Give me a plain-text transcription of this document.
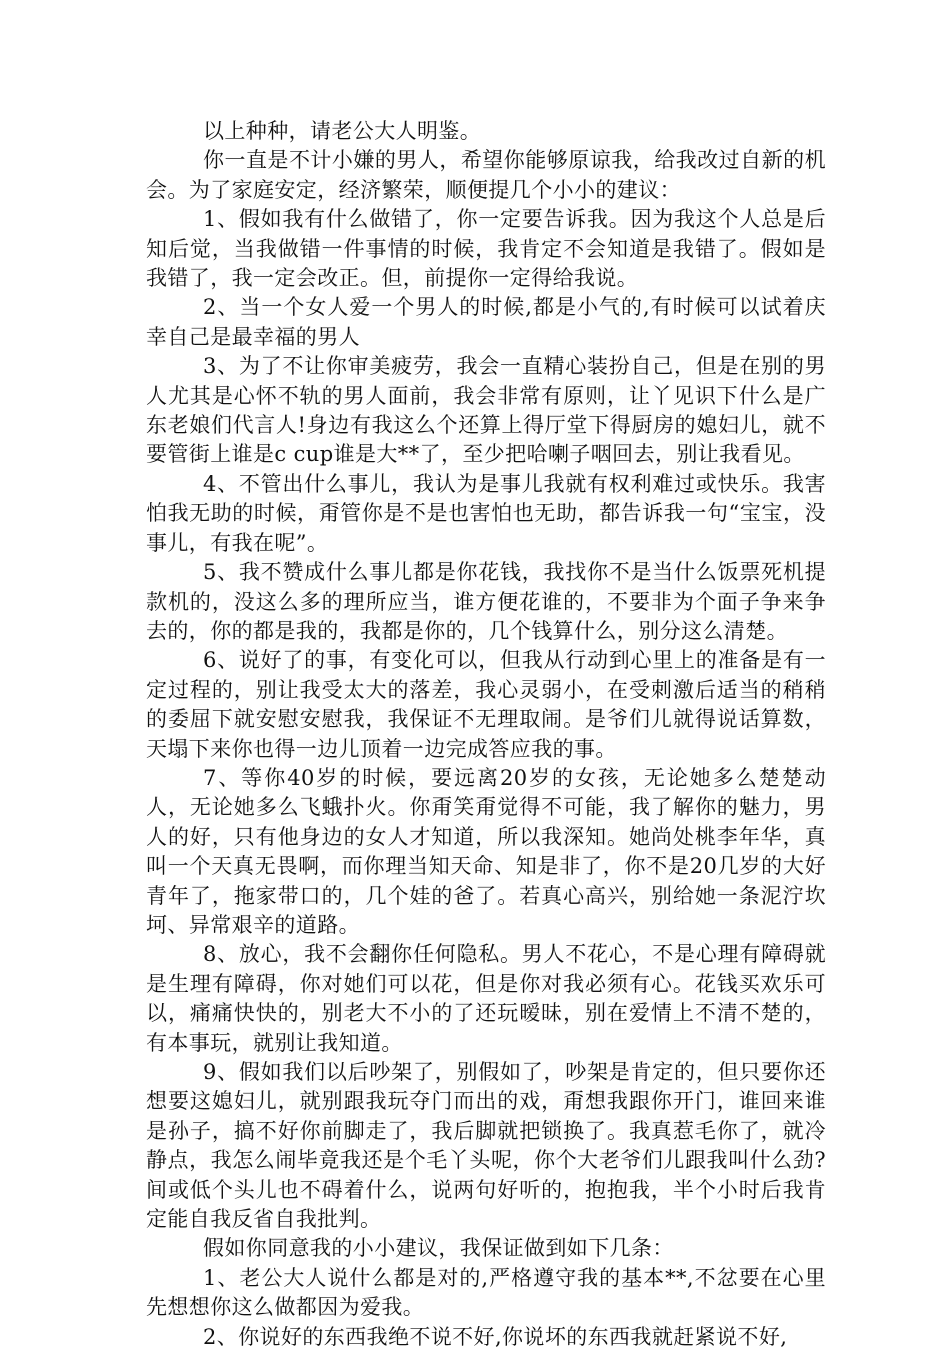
以上种种，请老公大人明鉴。

你一直是不计小嫌的男人，希望你能够原谅我，给我改过自新的机会。为了家庭安定，经济繁荣，顺便提几个小小的建议：

1、假如我有什么做错了，你一定要告诉我。因为我这个人总是后知后觉，当我做错一件事情的时候，我肯定不会知道是我错了。假如是我错了，我一定会改正。但，前提你一定得给我说。

2、当一个女人爱一个男人的时候,都是小气的,有时候可以试着庆幸自己是最幸福的男人

3、为了不让你审美疲劳，我会一直精心装扮自己，但是在别的男人尤其是心怀不轨的男人面前，我会非常有原则，让丫见识下什么是广东老娘们代言人!身边有我这么个还算上得厅堂下得厨房的媳妇儿，就不要管街上谁是c cup谁是大**了，至少把哈喇子咽回去，别让我看见。

4、不管出什么事儿，我认为是事儿我就有权利难过或快乐。我害怕我无助的时候，甭管你是不是也害怕也无助，都告诉我一句“宝宝，没事儿，有我在呢”。

5、我不赞成什么事儿都是你花钱，我找你不是当什么饭票死机提款机的，没这么多的理所应当，谁方便花谁的，不要非为个面子争来争去的，你的都是我的，我都是你的，几个钱算什么，别分这么清楚。

6、说好了的事，有变化可以，但我从行动到心里上的准备是有一定过程的，别让我受太大的落差，我心灵弱小，在受刺激后适当的稍稍的委屈下就安慰安慰我，我保证不无理取闹。是爷们儿就得说话算数，天塌下来你也得一边儿顶着一边完成答应我的事。

7、等你40岁的时候，要远离20岁的女孩，无论她多么楚楚动人，无论她多么飞蛾扑火。你甭笑甭觉得不可能，我了解你的魅力，男人的好，只有他身边的女人才知道，所以我深知。她尚处桃李年华，真叫一个天真无畏啊，而你理当知天命、知是非了，你不是20几岁的大好青年了，拖家带口的，几个娃的爸了。若真心高兴，别给她一条泥泞坎坷、异常艰辛的道路。

8、放心，我不会翻你任何隐私。男人不花心，不是心理有障碍就是生理有障碍，你对她们可以花，但是你对我必须有心。花钱买欢乐可以，痛痛快快的，别老大不小的了还玩暧昧，别在爱情上不清不楚的，有本事玩，就别让我知道。

9、假如我们以后吵架了，别假如了，吵架是肯定的，但只要你还想要这媳妇儿，就别跟我玩夺门而出的戏，甭想我跟你开门，谁回来谁是孙子，搞不好你前脚走了，我后脚就把锁换了。我真惹毛你了，就冷静点，我怎么闹毕竟我还是个毛丫头呢，你个大老爷们儿跟我叫什么劲?间或低个头儿也不碍着什么，说两句好听的，抱抱我，半个小时后我肯定能自我反省自我批判。

假如你同意我的小小建议，我保证做到如下几条：

1、老公大人说什么都是对的,严格遵守我的基本**,不忿要在心里先想想你这么做都因为爱我。

2、你说好的东西我绝不说不好,你说坏的东西我就赶紧说不好,
